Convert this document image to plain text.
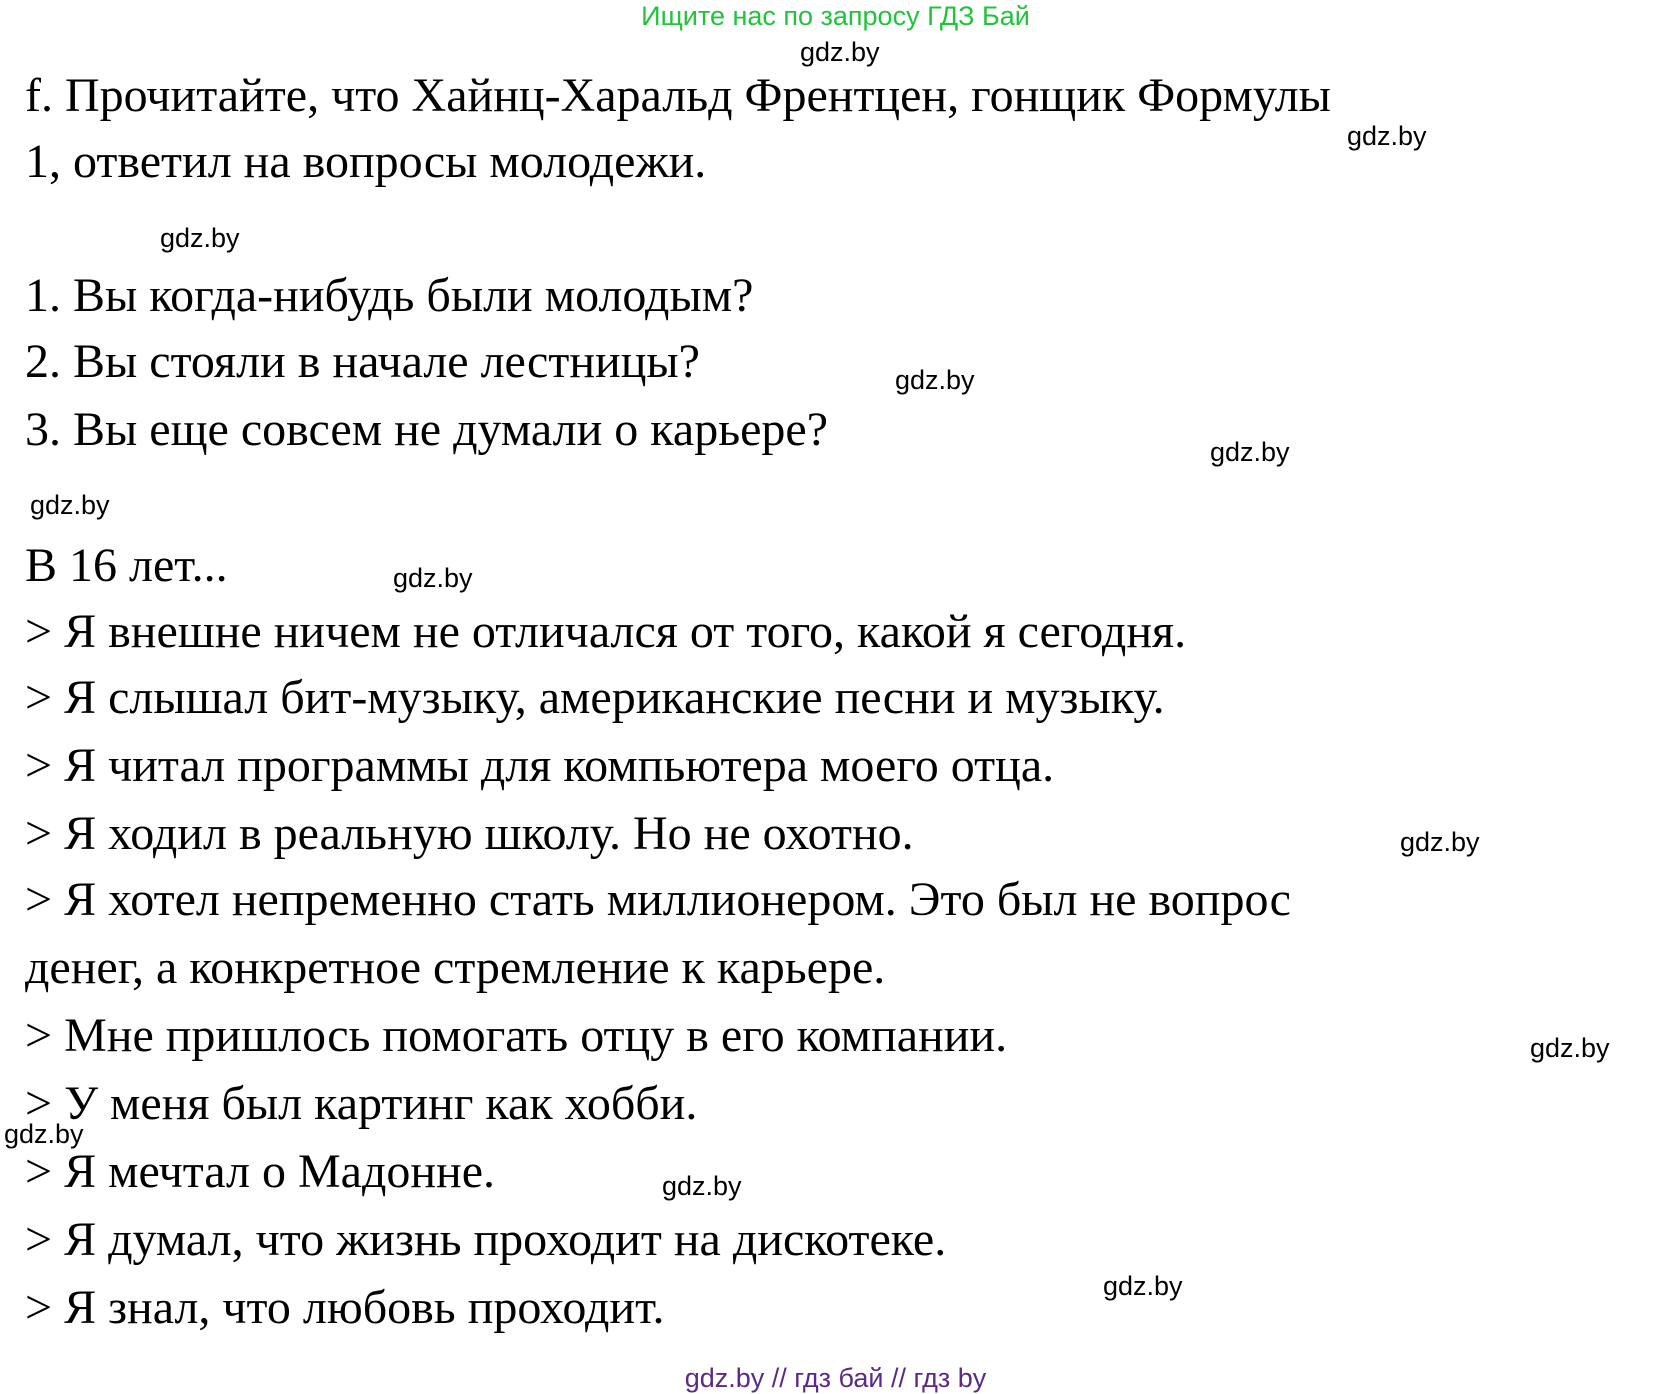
Ищите нас по запросу ГДЗ Бай
gdz.by
f. Прочитайте, что Хайнц-Харальд Френтцен, гонщик Формулы
gdz.by
1, ответил на вопросы молодежи.
gdz.by
1. Вы когда-нибудь были молодым?
2. Вы стояли в начале лестницы?	gdz.by
3. Вы еще совсем не думали о карьере?	gdz.by
gdz.by
В 16 лет...	gdz.by
> Я внешне ничем не отличался от того, какой я сегодня.
> Я слышал бит-музыку, американские песни и музыку.
> Я читал программы для компьютера моего отца.
> Я ходил в реальную школу. Но не охотно.	gdz.by
> Я хотел непременно стать миллионером. Это был не вопрос
денег, а конкретное стремление к карьере.
> Мне пришлось помогать отцу в его компании.	gdz.by
> У меня был картинг как хобби.
gdz.by
> Я мечтал о Мадонне.	gdz.by
> Я думал, что жизнь проходит на дискотеке.
gdz.by
> Я знал, что любовь проходит.
gdz.by // гдз бай // гдз by
